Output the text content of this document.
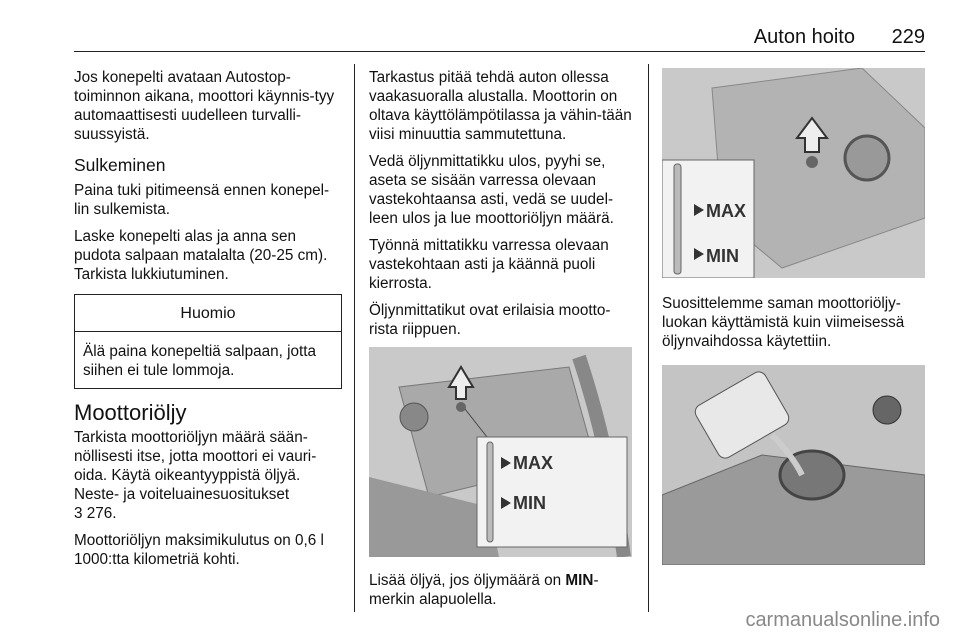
Auton hoito 229

Jos konepelti avataan Autostop-toiminnon aikana, moottori käynnis-tyy automaattisesti uudelleen turvalli-suussyistä.

Sulkeminen

Paina tuki pitimeensä ennen konepel-lin sulkemista.

Laske konepelti alas ja anna sen pudota salpaan matalalta (20-25 cm). Tarkista lukkiutuminen.

Huomio
Älä paina konepeltiä salpaan, jotta siihen ei tule lommoja.
Moottoriöljy

Tarkista moottoriöljyn määrä sään-nöllisesti itse, jotta moottori ei vauri-oida. Käytä oikeantyyppistä öljyä. Neste- ja voiteluainesuositukset

3 276.

Moottoriöljyn maksimikulutus on 0,6 l 1000:tta kilometriä kohti.

Tarkastus pitää tehdä auton ollessa vaakasuoralla alustalla. Moottorin on oltava käyttölämpötilassa ja vähin-tään viisi minuuttia sammutettuna.

Vedä öljynmittatikku ulos, pyyhi se, aseta se sisään varressa olevaan vastekohtaansa asti, vedä se uudel-leen ulos ja lue moottoriöljyn määrä.

Työnnä mittatikku varressa olevaan vastekohtaan asti ja käännä puoli kierrosta.

Öljynmittatikut ovat erilaisia mootto-rista riippuen.

MAX
MIN

Lisää öljyä, jos öljymäärä on MIN-merkin alapuolella.

MAX
MIN

Suosittelemme saman moottoriöljy-luokan käyttämistä kuin viimeisessä öljynvaihdossa käytettiin.

carmanualsonline.info
